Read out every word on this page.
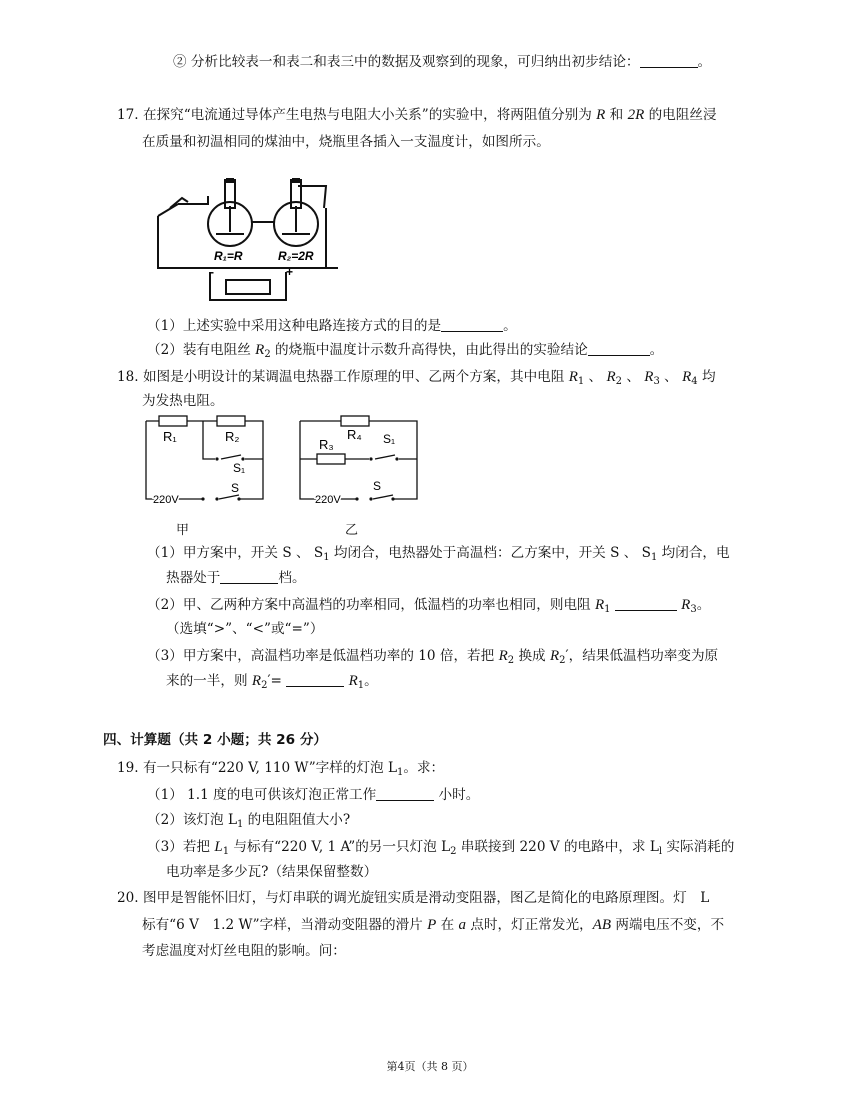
② 分析比较表一和表二和表三中的数据及观察到的现象，可归纳出初步结论：	。
17. 在探究“电流通过导体产生电热与电阻大小关系”的实验中，将两阻值分别为 R 和 2R 的电阻丝浸
在质量和初温相同的煤油中，烧瓶里各插入一支温度计，如图所示。
R₁=R	R₂=2R
-	+
（1）上述实验中采用这种电路连接方式的目的是	。
（2）装有电阻丝 $R_2$ 的烧瓶中温度计示数升高得快，由此得出的实验结论	。
18. 如图是小明设计的某调温电热器工作原理的甲、乙两个方案，其中电阻 $R_1$ 、 $R_2$ 、 $R_3$ 、 $R_4$ 均
为发热电阻。
R₁	R₂
S₁
S
220V
甲
R₃
R₄ S₁
S
220V
乙
（1）甲方案中，开关 S 、 $S_1$ 均闭合，电热器处于高温档：乙方案中，开关 S 、 $S_1$ 均闭合，电
热器处于	档。
（2）甲、乙两种方案中高温档的功率相同，低温档的功率也相同，则电阻 $R_1$	$R_3$。
（选填“>”、“<”或“=”）
（3）甲方案中，高温档功率是低温档功率的 10 倍，若把 $R_2$ 换成 $R_2'$，结果低温档功率变为原
来的一半，则 $R_2'=$	$R_1$。
四、计算题（共 2 小题；共 26 分）
19. 有一只标有“220 V, 110 W”字样的灯泡 $L_1$。求：
（1） 1.1 度的电可供该灯泡正常工作	小时。
（2）该灯泡 $L_1$ 的电阻阻值大小?
（3）若把 $L_1$ 与标有“220 V, 1 A”的另一只灯泡 $L_2$ 串联接到 220 V 的电路中，求 $L_l$ 实际消耗的
电功率是多少瓦?（结果保留整数）
20. 图甲是智能怀旧灯，与灯串联的调光旋钮实质是滑动变阻器，图乙是简化的电路原理图。灯　L
标有“6 V　1.2 W”字样，当滑动变阻器的滑片 P 在 a 点时，灯正常发光，AB 两端电压不变，不
考虑温度对灯丝电阻的影响。问：
第4页（共 8 页）
